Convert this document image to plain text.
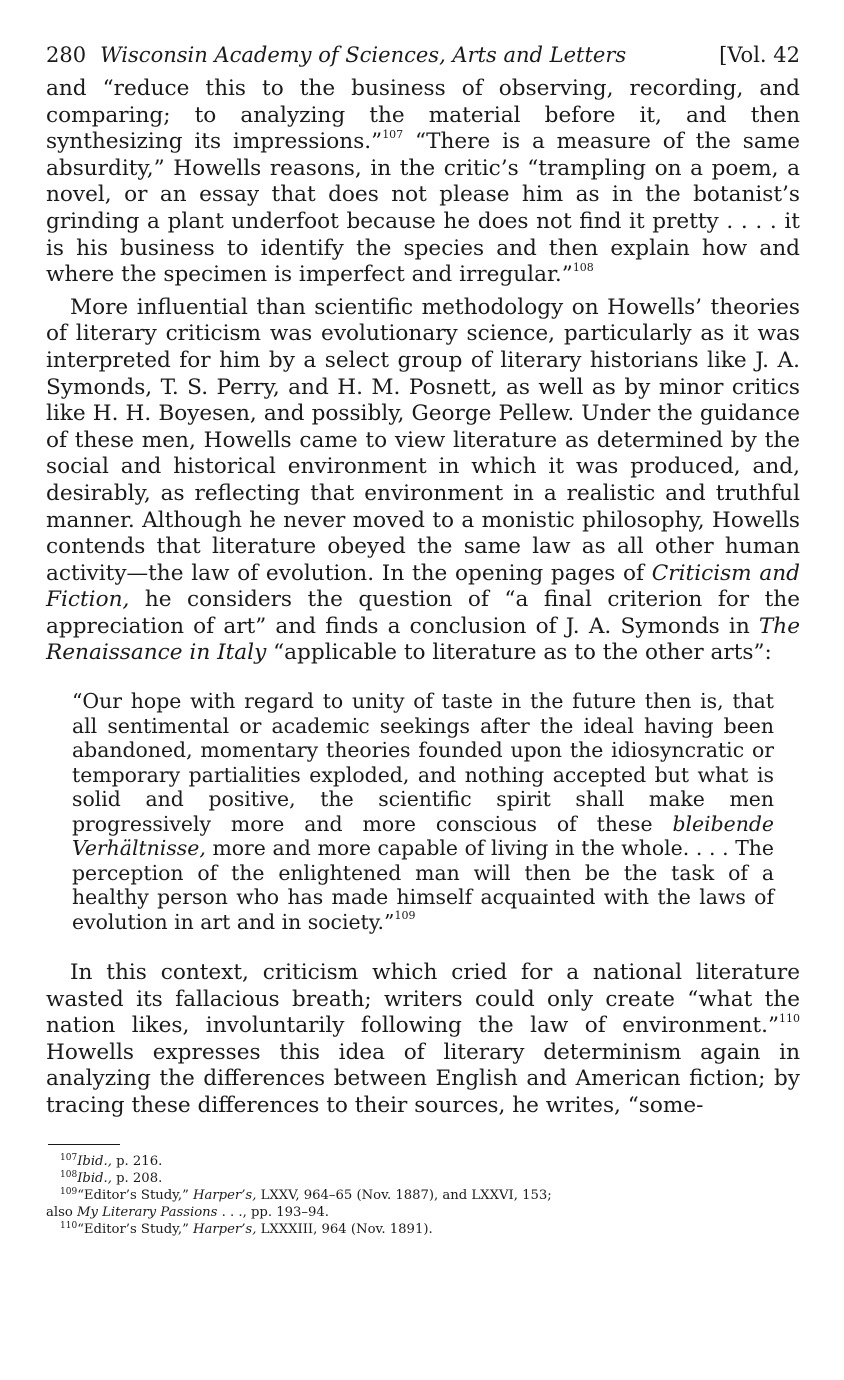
280 Wisconsin Academy of Sciences, Arts and Letters	[Vol. 42

and “reduce this to the business of observing, recording, and comparing; to analyzing the material before it, and then synthesizing its impressions.”$^{107}$ “There is a measure of the same absurdity,” Howells reasons, in the critic’s “trampling on a poem, a novel, or an essay that does not please him as in the botanist’s grinding a plant underfoot because he does not find it pretty . . . . it is his business to identify the species and then explain how and where the specimen is imperfect and irregular.”$^{108}$

More influential than scientific methodology on Howells’ theories of literary criticism was evolutionary science, particularly as it was interpreted for him by a select group of literary historians like J. A. Symonds, T. S. Perry, and H. M. Posnett, as well as by minor critics like H. H. Boyesen, and possibly, George Pellew. Under the guidance of these men, Howells came to view literature as determined by the social and historical environment in which it was produced, and, desirably, as reflecting that environment in a realistic and truthful manner. Although he never moved to a monistic philosophy, Howells contends that literature obeyed the same law as all other human activity—the law of evolution. In the opening pages of Criticism and Fiction, he considers the question of “a final criterion for the appreciation of art” and finds a conclusion of J. A. Symonds in The Renaissance in Italy “applicable to literature as to the other arts”:

“Our hope with regard to unity of taste in the future then is, that all sentimental or academic seekings after the ideal having been abandoned, momentary theories founded upon the idiosyncratic or temporary partialities exploded, and nothing accepted but what is solid and positive, the scientific spirit shall make men progressively more and more conscious of these bleibende Verhältnisse, more and more capable of living in the whole. . . . The perception of the enlightened man will then be the task of a healthy person who has made himself acquainted with the laws of evolution in art and in society.”$^{109}$

In this context, criticism which cried for a national literature wasted its fallacious breath; writers could only create “what the nation likes, involuntarily following the law of environment.”$^{110}$ Howells expresses this idea of literary determinism again in analyzing the differences between English and American fiction; by tracing these differences to their sources, he writes, “some-

$^{107}$Ibid., p. 216.

$^{108}$Ibid., p. 208.

$^{109}$“Editor’s Study,” Harper’s, LXXV, 964–65 (Nov. 1887), and LXXVI, 153;

also My Literary Passions . . ., pp. 193–94.

$^{110}$“Editor’s Study,” Harper’s, LXXXIII, 964 (Nov. 1891).
